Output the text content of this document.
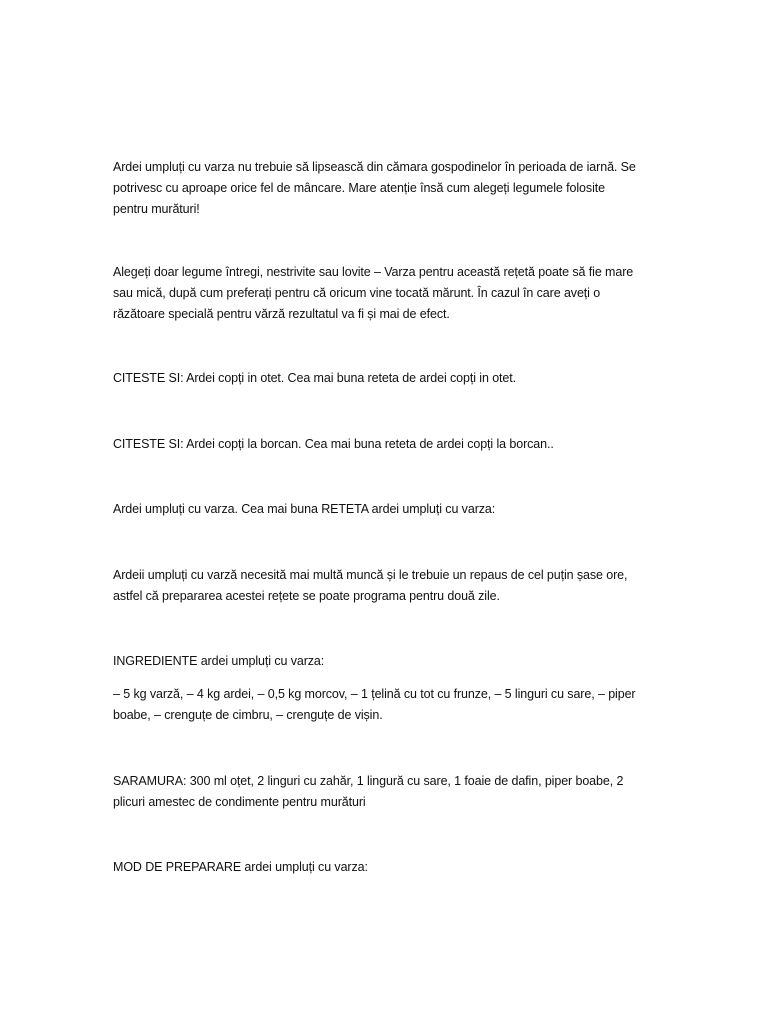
Ardei umpluți cu varza nu trebuie să lipsească din cămara gospodinelor în perioada de iarnă. Se potrivesc cu aproape orice fel de mâncare. Mare atenție însă cum alegeți legumele folosite pentru murături!

Alegeți doar legume întregi, nestrivite sau lovite – Varza pentru această rețetă poate să fie mare sau mică, după cum preferați pentru că oricum vine tocată mărunt. În cazul în care aveți o răzătoare specială pentru vărză rezultatul va fi și mai de efect.

CITESTE SI: Ardei copți in otet. Cea mai buna reteta de ardei copți in otet.

CITESTE SI: Ardei copți la borcan. Cea mai buna reteta de ardei copți la borcan..

Ardei umpluți cu varza. Cea mai buna RETETA ardei umpluți cu varza:

Ardeii umpluți cu varză necesită mai multă muncă și le trebuie un repaus de cel puțin șase ore, astfel că prepararea acestei rețete se poate programa pentru două zile.

INGREDIENTE ardei umpluți cu varza:

– 5 kg varză, – 4 kg ardei, – 0,5 kg morcov, – 1 țelină cu tot cu frunze, – 5 linguri cu sare, – piper boabe, – crenguțe de cimbru, – crenguțe de vișin.

SARAMURA: 300 ml oțet, 2 linguri cu zahăr, 1 lingură cu sare, 1 foaie de dafin, piper boabe, 2 plicuri amestec de condimente pentru murături

MOD DE PREPARARE ardei umpluți cu varza:
